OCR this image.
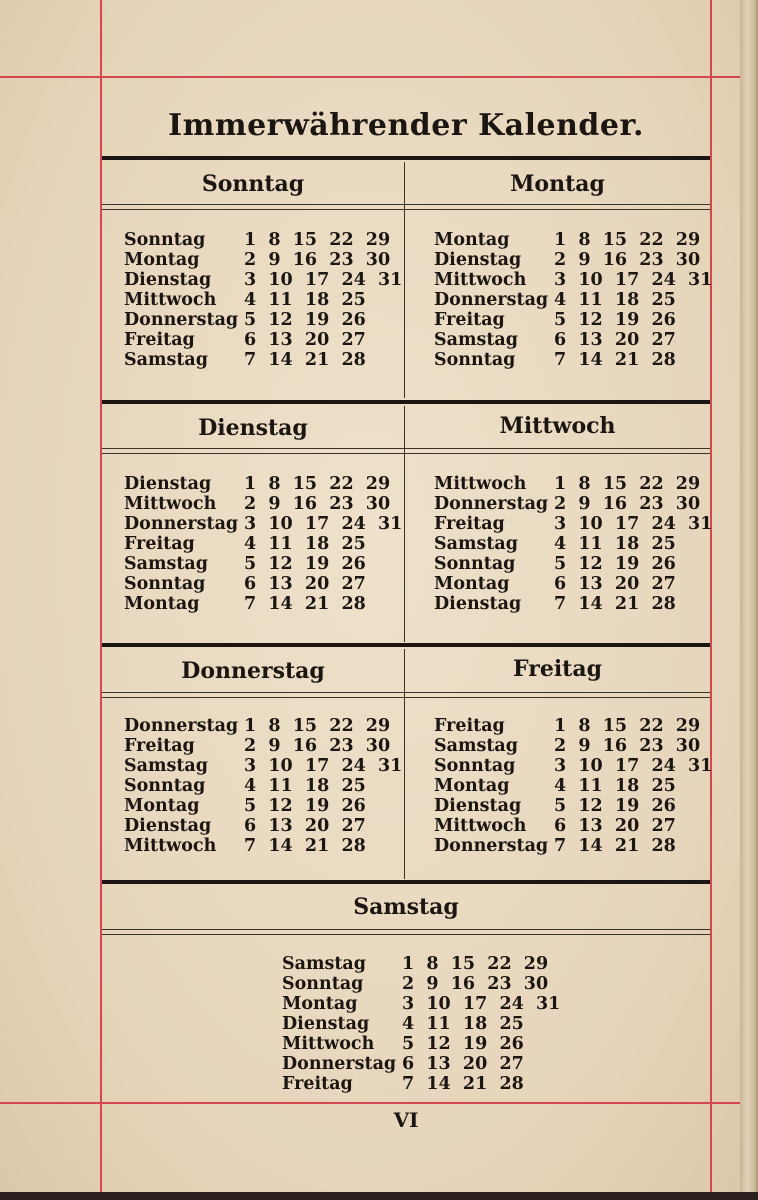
Immerwährender Kalender.
Sonntag	Montag
Sonntag 1  8  15  22  29
Montag	2  9  16  23  30
Dienstag 3  10  17  24  31
Mittwoch 4  11  18  25
Donnerstag 5  12  19  26
Freitag	6  13  20  27
Samstag 7  14  21  28
Montag	1  8  15  22  29
Dienstag 2  9  16  23  30
Mittwoch 3  10  17  24  31
Donnerstag 4  11  18  25
Freitag	5  12  19  26
Samstag 6  13  20  27
Sonntag 7  14  21  28
Dienstag	Mittwoch
Dienstag 1  8  15  22  29
Mittwoch 2  9  16  23  30
Donnerstag 3  10  17  24  31
Freitag	4  11  18  25
Samstag 5  12  19  26
Sonntag 6  13  20  27
Montag	7  14  21  28
Mittwoch 1  8  15  22  29
Donnerstag 2  9  16  23  30
Freitag	3  10  17  24  31
Samstag 4  11  18  25
Sonntag 5  12  19  26
Montag	6  13  20  27
Dienstag 7  14  21  28
Donnerstag	Freitag
Donnerstag 1  8  15  22  29
Freitag	2  9  16  23  30
Samstag 3  10  17  24  31
Sonntag 4  11  18  25
Montag	5  12  19  26
Dienstag 6  13  20  27
Mittwoch 7  14  21  28
Freitag	1  8  15  22  29
Samstag 2  9  16  23  30
Sonntag 3  10  17  24  31
Montag	4  11  18  25
Dienstag 5  12  19  26
Mittwoch 6  13  20  27
Donnerstag 7  14  21  28
Samstag
Samstag 1  8  15  22  29
Sonntag 2  9  16  23  30
Montag	3  10  17  24  31
Dienstag 4  11  18  25
Mittwoch 5  12  19  26
Donnerstag 6  13  20  27
Freitag	7  14  21  28
VI
